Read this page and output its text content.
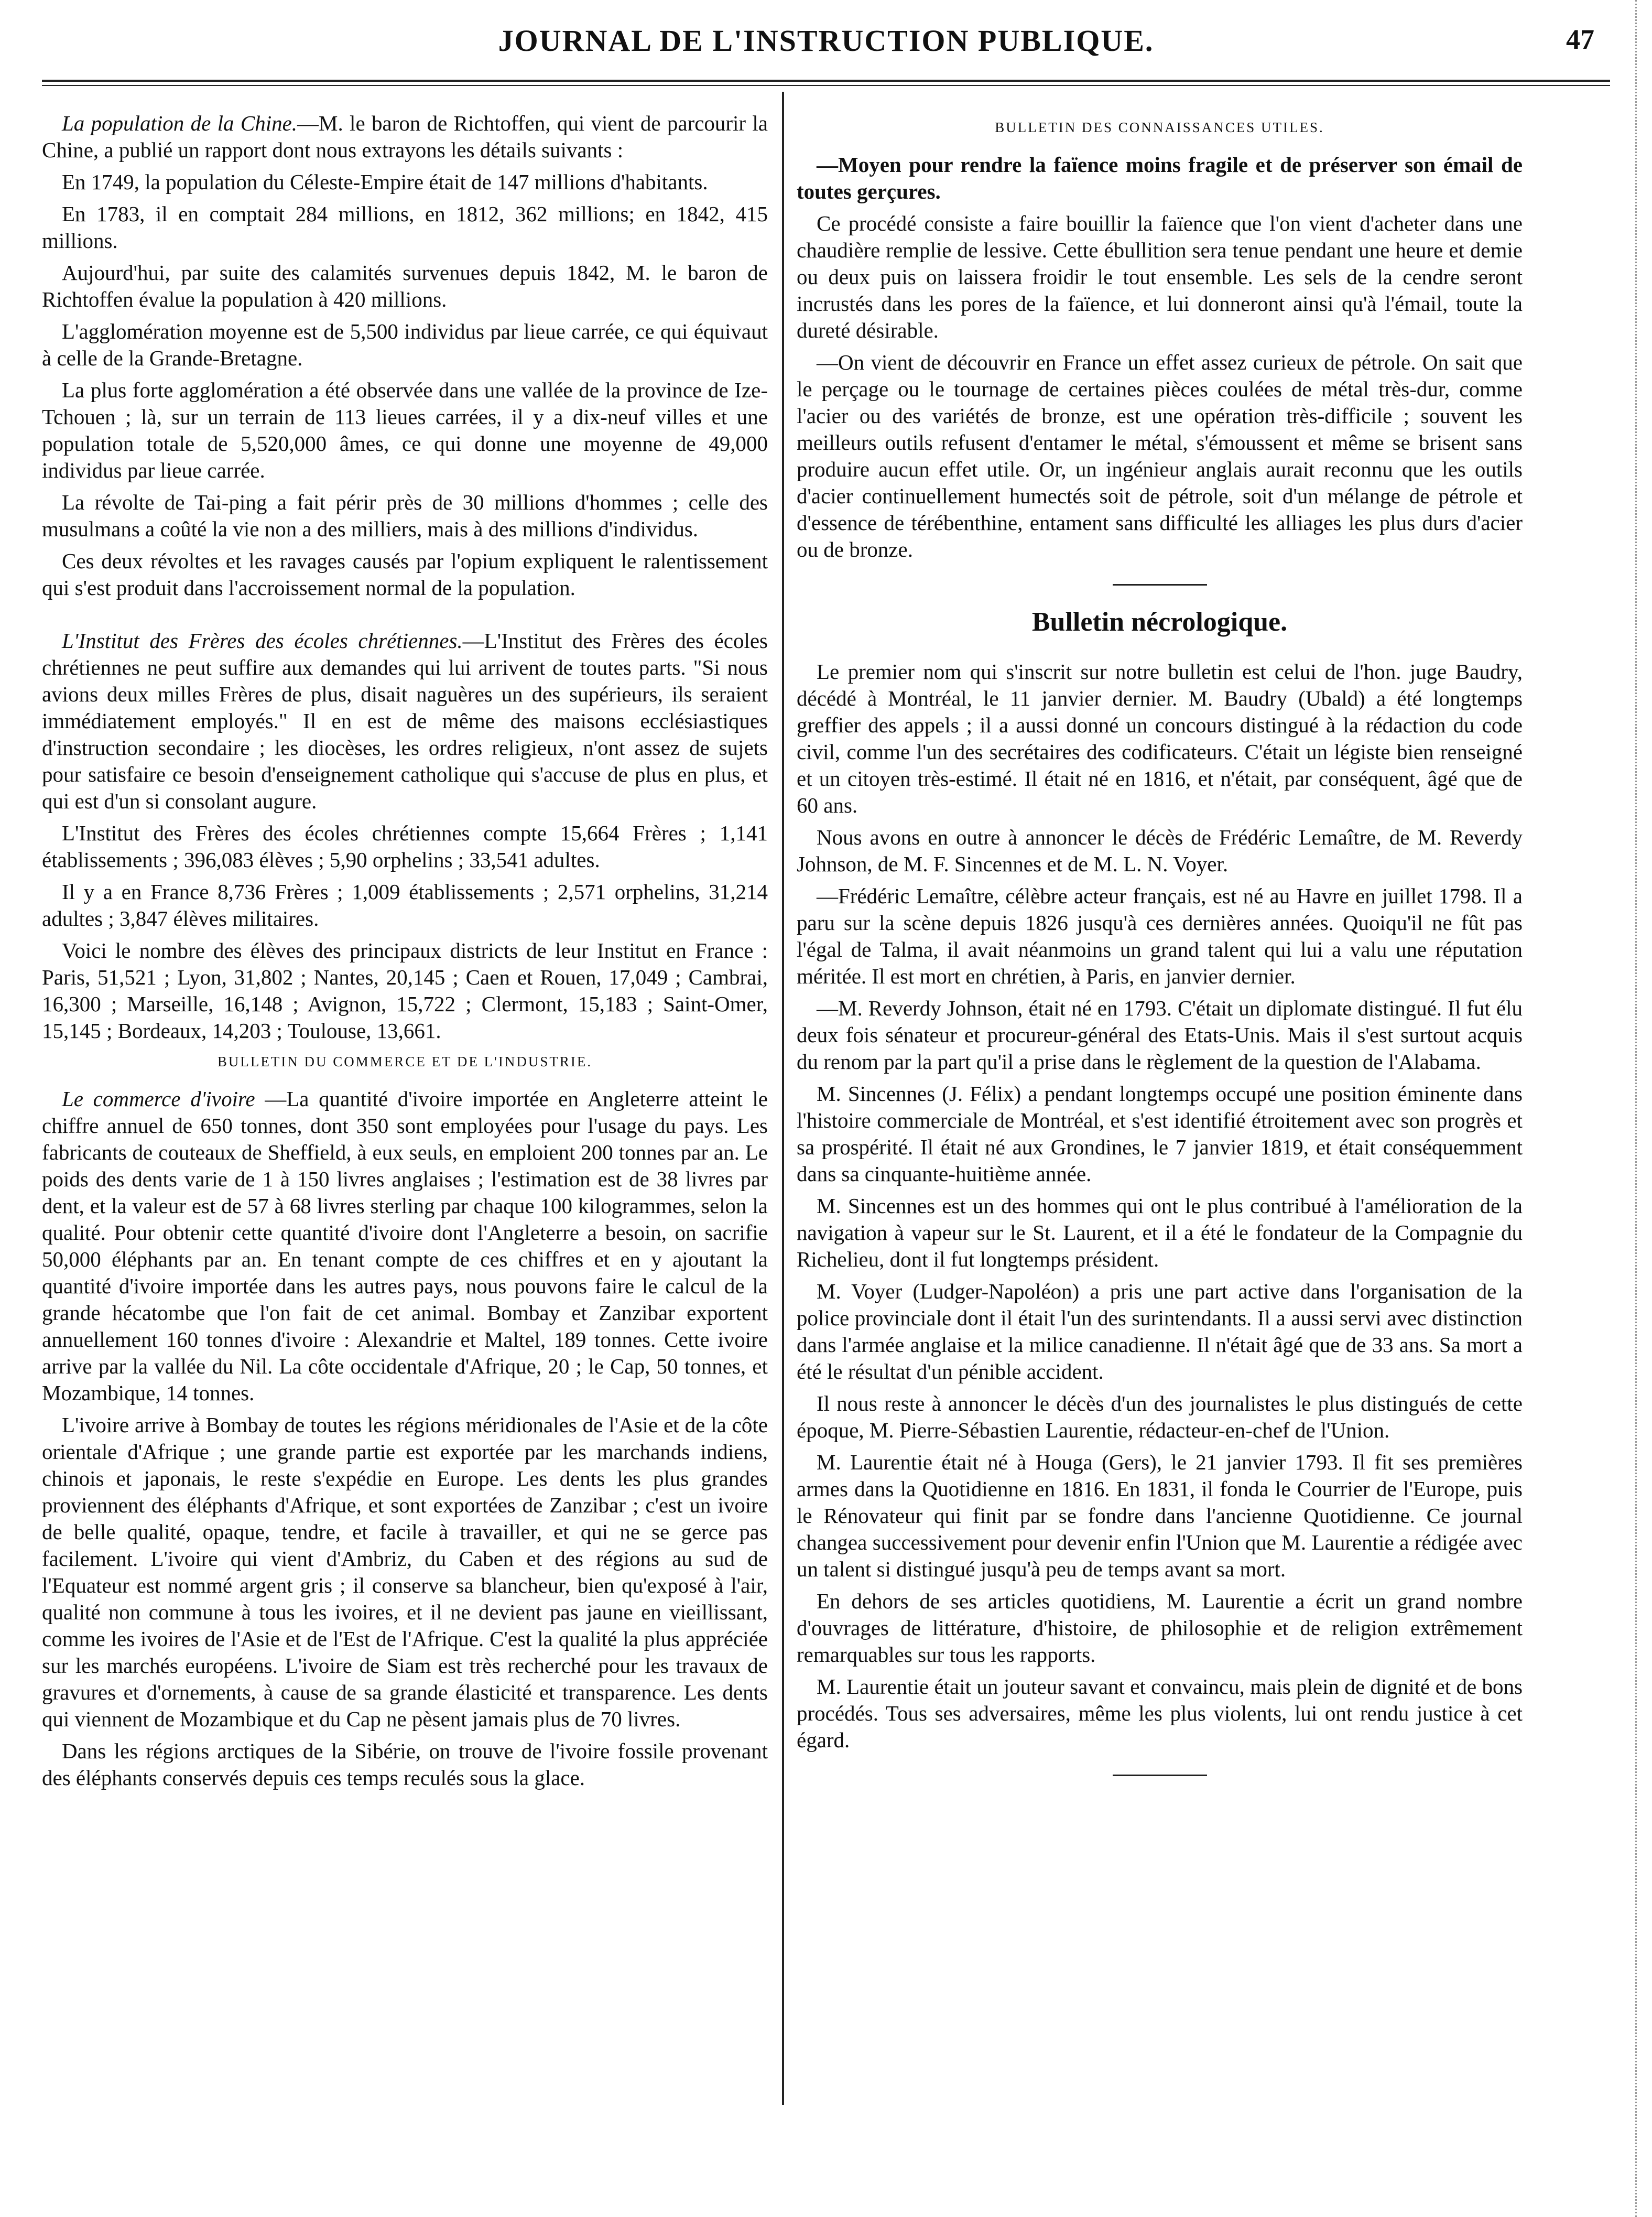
JOURNAL DE L'INSTRUCTION PUBLIQUE.	47

La population de la Chine.—M. le baron de Richtoffen, qui vient de parcourir la Chine, a publié un rapport dont nous extrayons les détails suivants :

En 1749, la population du Céleste-Empire était de 147 millions d'habitants.

En 1783, il en comptait 284 millions, en 1812, 362 millions; en 1842, 415 millions.

Aujourd'hui, par suite des calamités survenues depuis 1842, M. le baron de Richtoffen évalue la population à 420 millions.

L'agglomération moyenne est de 5,500 individus par lieue carrée, ce qui équivaut à celle de la Grande-Bretagne.

La plus forte agglomération a été observée dans une vallée de la province de Ize-Tchouen ; là, sur un terrain de 113 lieues carrées, il y a dix-neuf villes et une population totale de 5,520,000 âmes, ce qui donne une moyenne de 49,000 individus par lieue carrée.

La révolte de Tai-ping a fait périr près de 30 millions d'hommes ; celle des musulmans a coûté la vie non a des milliers, mais à des millions d'individus.

Ces deux révoltes et les ravages causés par l'opium expliquent le ralentissement qui s'est produit dans l'accroissement normal de la population.

L'Institut des Frères des écoles chrétiennes.—L'Institut des Frères des écoles chrétiennes ne peut suffire aux demandes qui lui arrivent de toutes parts. "Si nous avions deux milles Frères de plus, disait naguères un des supérieurs, ils seraient immédiatement employés." Il en est de même des maisons ecclésiastiques d'instruction secondaire ; les diocèses, les ordres religieux, n'ont assez de sujets pour satisfaire ce besoin d'enseignement catholique qui s'accuse de plus en plus, et qui est d'un si consolant augure.

L'Institut des Frères des écoles chrétiennes compte 15,664 Frères ; 1,141 établissements ; 396,083 élèves ; 5,90 orphelins ; 33,541 adultes.

Il y a en France 8,736 Frères ; 1,009 établissements ; 2,571 orphelins, 31,214 adultes ; 3,847 élèves militaires.

Voici le nombre des élèves des principaux districts de leur Institut en France : Paris, 51,521 ; Lyon, 31,802 ; Nantes, 20,145 ; Caen et Rouen, 17,049 ; Cambrai, 16,300 ; Marseille, 16,148 ; Avignon, 15,722 ; Clermont, 15,183 ; Saint-Omer, 15,145 ; Bordeaux, 14,203 ; Toulouse, 13,661.

BULLETIN DU COMMERCE ET DE L'INDUSTRIE.

Le commerce d'ivoire —La quantité d'ivoire importée en Angleterre atteint le chiffre annuel de 650 tonnes, dont 350 sont employées pour l'usage du pays. Les fabricants de couteaux de Sheffield, à eux seuls, en emploient 200 tonnes par an. Le poids des dents varie de 1 à 150 livres anglaises ; l'estimation est de 38 livres par dent, et la valeur est de 57 à 68 livres sterling par chaque 100 kilogrammes, selon la qualité. Pour obtenir cette quantité d'ivoire dont l'Angleterre a besoin, on sacrifie 50,000 éléphants par an. En tenant compte de ces chiffres et en y ajoutant la quantité d'ivoire importée dans les autres pays, nous pouvons faire le calcul de la grande hécatombe que l'on fait de cet animal. Bombay et Zanzibar exportent annuellement 160 tonnes d'ivoire : Alexandrie et Maltel, 189 tonnes. Cette ivoire arrive par la vallée du Nil. La côte occidentale d'Afrique, 20 ; le Cap, 50 tonnes, et Mozambique, 14 tonnes.

L'ivoire arrive à Bombay de toutes les régions méridionales de l'Asie et de la côte orientale d'Afrique ; une grande partie est exportée par les marchands indiens, chinois et japonais, le reste s'expédie en Europe. Les dents les plus grandes proviennent des éléphants d'Afrique, et sont exportées de Zanzibar ; c'est un ivoire de belle qualité, opaque, tendre, et facile à travailler, et qui ne se gerce pas facilement. L'ivoire qui vient d'Ambriz, du Caben et des régions au sud de l'Equateur est nommé argent gris ; il conserve sa blancheur, bien qu'exposé à l'air, qualité non commune à tous les ivoires, et il ne devient pas jaune en vieillissant, comme les ivoires de l'Asie et de l'Est de l'Afrique. C'est la qualité la plus appréciée sur les marchés européens. L'ivoire de Siam est très recherché pour les travaux de gravures et d'ornements, à cause de sa grande élasticité et transparence. Les dents qui viennent de Mozambique et du Cap ne pèsent jamais plus de 70 livres.

Dans les régions arctiques de la Sibérie, on trouve de l'ivoire fossile provenant des éléphants conservés depuis ces temps reculés sous la glace.

BULLETIN DES CONNAISSANCES UTILES.

—Moyen pour rendre la faïence moins fragile et de préserver son émail de toutes gerçures.

Ce procédé consiste a faire bouillir la faïence que l'on vient d'acheter dans une chaudière remplie de lessive. Cette ébullition sera tenue pendant une heure et demie ou deux puis on laissera froidir le tout ensemble. Les sels de la cendre seront incrustés dans les pores de la faïence, et lui donneront ainsi qu'à l'émail, toute la dureté désirable.

—On vient de découvrir en France un effet assez curieux de pétrole. On sait que le perçage ou le tournage de certaines pièces coulées de métal très-dur, comme l'acier ou des variétés de bronze, est une opération très-difficile ; souvent les meilleurs outils refusent d'entamer le métal, s'émoussent et même se brisent sans produire aucun effet utile. Or, un ingénieur anglais aurait reconnu que les outils d'acier continuellement humectés soit de pétrole, soit d'un mélange de pétrole et d'essence de térébenthine, entament sans difficulté les alliages les plus durs d'acier ou de bronze.

Bulletin nécrologique.

Le premier nom qui s'inscrit sur notre bulletin est celui de l'hon. juge Baudry, décédé à Montréal, le 11 janvier dernier. M. Baudry (Ubald) a été longtemps greffier des appels ; il a aussi donné un concours distingué à la rédaction du code civil, comme l'un des secrétaires des codificateurs. C'était un légiste bien renseigné et un citoyen très-estimé. Il était né en 1816, et n'était, par conséquent, âgé que de 60 ans.

Nous avons en outre à annoncer le décès de Frédéric Lemaître, de M. Reverdy Johnson, de M. F. Sincennes et de M. L. N. Voyer.

—Frédéric Lemaître, célèbre acteur français, est né au Havre en juillet 1798. Il a paru sur la scène depuis 1826 jusqu'à ces dernières années. Quoiqu'il ne fût pas l'égal de Talma, il avait néanmoins un grand talent qui lui a valu une réputation méritée. Il est mort en chrétien, à Paris, en janvier dernier.

—M. Reverdy Johnson, était né en 1793. C'était un diplomate distingué. Il fut élu deux fois sénateur et procureur-général des Etats-Unis. Mais il s'est surtout acquis du renom par la part qu'il a prise dans le règlement de la question de l'Alabama.

M. Sincennes (J. Félix) a pendant longtemps occupé une position éminente dans l'histoire commerciale de Montréal, et s'est identifié étroitement avec son progrès et sa prospérité. Il était né aux Grondines, le 7 janvier 1819, et était conséquemment dans sa cinquante-huitième année.

M. Sincennes est un des hommes qui ont le plus contribué à l'amélioration de la navigation à vapeur sur le St. Laurent, et il a été le fondateur de la Compagnie du Richelieu, dont il fut longtemps président.

M. Voyer (Ludger-Napoléon) a pris une part active dans l'organisation de la police provinciale dont il était l'un des surintendants. Il a aussi servi avec distinction dans l'armée anglaise et la milice canadienne. Il n'était âgé que de 33 ans. Sa mort a été le résultat d'un pénible accident.

Il nous reste à annoncer le décès d'un des journalistes le plus distingués de cette époque, M. Pierre-Sébastien Laurentie, rédacteur-en-chef de l'Union.

M. Laurentie était né à Houga (Gers), le 21 janvier 1793. Il fit ses premières armes dans la Quotidienne en 1816. En 1831, il fonda le Courrier de l'Europe, puis le Rénovateur qui finit par se fondre dans l'ancienne Quotidienne. Ce journal changea successivement pour devenir enfin l'Union que M. Laurentie a rédigée avec un talent si distingué jusqu'à peu de temps avant sa mort.

En dehors de ses articles quotidiens, M. Laurentie a écrit un grand nombre d'ouvrages de littérature, d'histoire, de philosophie et de religion extrêmement remarquables sur tous les rapports.

M. Laurentie était un jouteur savant et convaincu, mais plein de dignité et de bons procédés. Tous ses adversaires, même les plus violents, lui ont rendu justice à cet égard.
